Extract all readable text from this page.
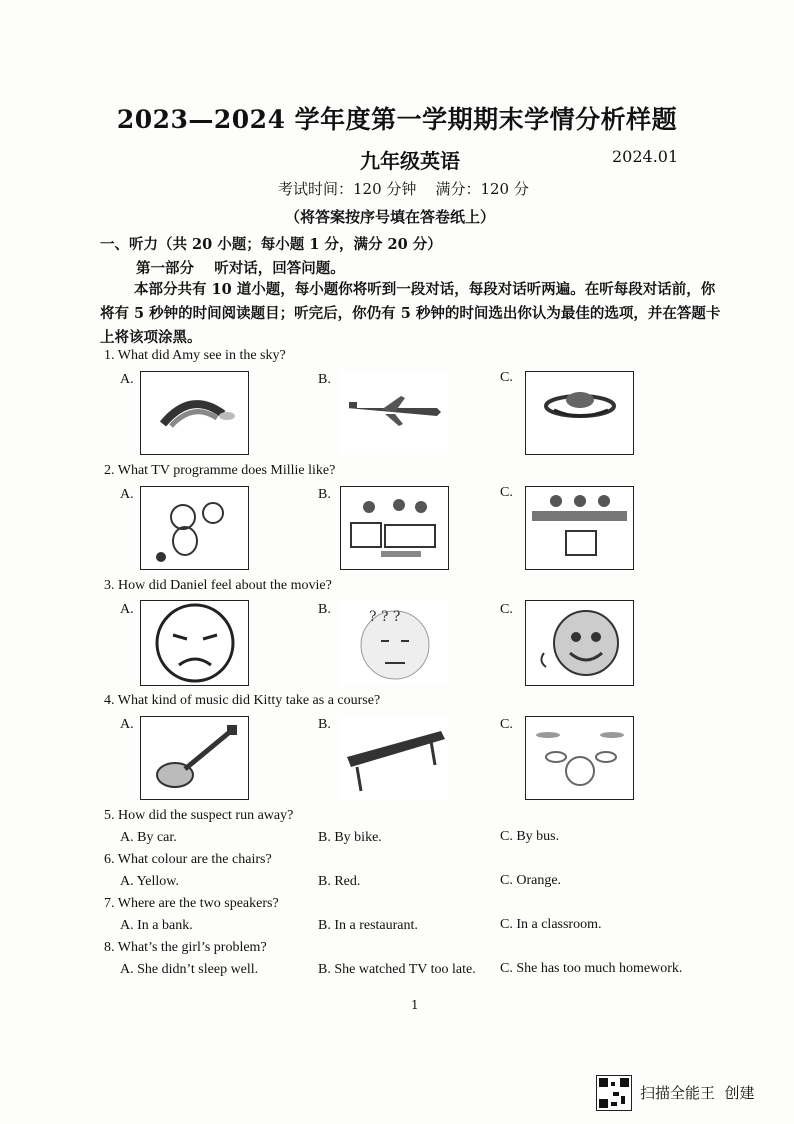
2023—2024 学年度第一学期期末学情分析样题
九年级英语	2024.01
考试时间：120 分钟    满分：120 分
（将答案按序号填在答卷纸上）
一、听力（共 20 小题；每小题 1 分，满分 20 分）
第一部分    听对话，回答问题。
本部分共有 10 道小题，每小题你将听到一段对话，每段对话听两遍。在听每段对话前，你将有 5 秒钟的时间阅读题目；听完后，你仍有 5 秒钟的时间选出你认为最佳的选项，并在答题卡上将该项涂黑。
1. What did Amy see in the sky?
A.	B.	C.
2. What TV programme does Millie like?
A.	B.	C.
3. How did Daniel feel about the movie?
A.	B.	C.
? ? ?
4. What kind of music did Kitty take as a course?
A.	B.	C.
5. How did the suspect run away?
A. By car.	B. By bike.	C. By bus.
6. What colour are the chairs?
A. Yellow.	B. Red.	C. Orange.
7. Where are the two speakers?
A. In a bank.	B. In a restaurant.	C. In a classroom.
8. What’s the girl’s problem?
A. She didn’t sleep well.	B. She watched TV too late. C. She has too much homework.
1
扫描全能王  创建
